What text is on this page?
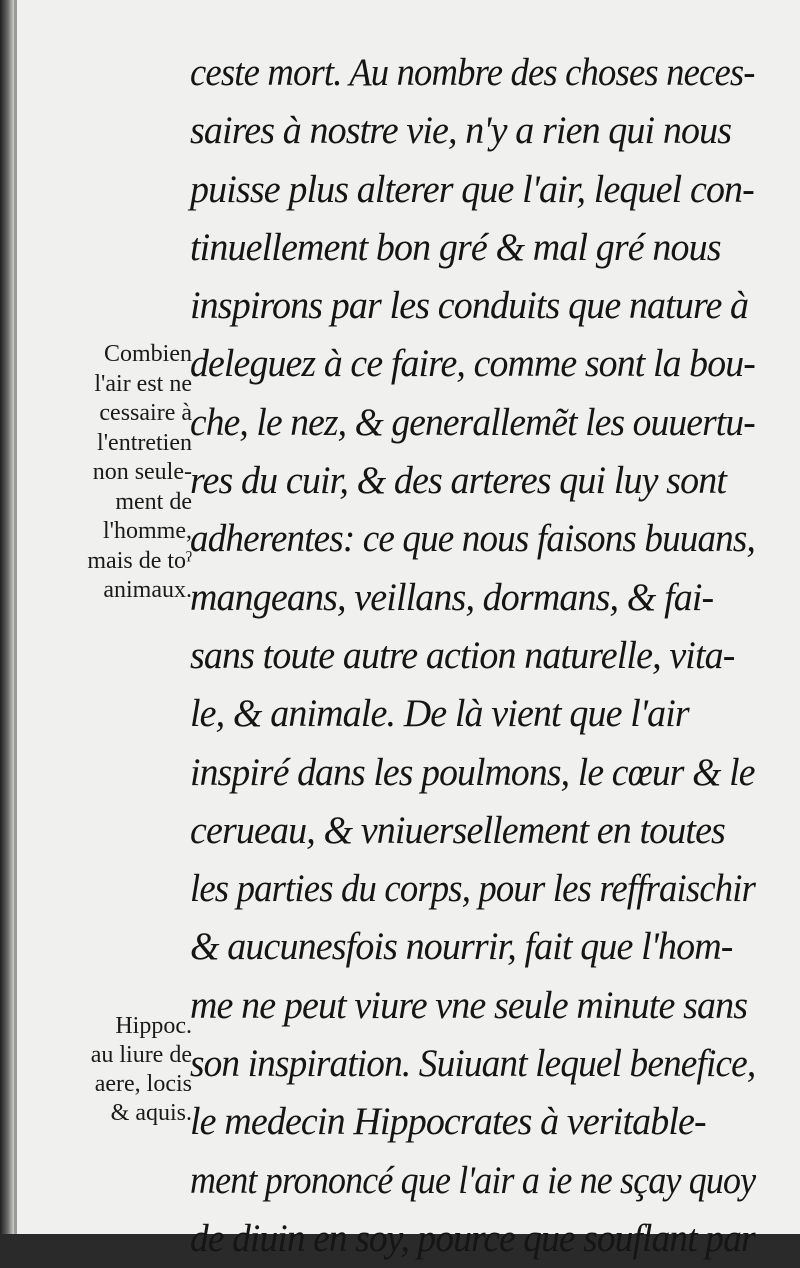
Combien
l'air est ne
cessaire à
l'entretien
non seule-
ment de
l'homme,
mais de toˀ
animaux.
Hippoc.
au liure de
aere, locis
& aquis.
ceste mort. Au nombre des choses neces-
saires à nostre vie, n'y a rien qui nous
puisse plus alterer que l'air, lequel con-
tinuellement bon gré & mal gré nous
inspirons par les conduits que nature à
deleguez à ce faire, comme sont la bou-
che, le nez, & generallemẽt les ouuertu-
res du cuir, & des arteres qui luy sont
adherentes: ce que nous faisons buuans,
mangeans, veillans, dormans, & fai-
sans toute autre action naturelle, vita-
le, & animale. De là vient que l'air
inspiré dans les poulmons, le cœur & le
cerueau, & vniuersellement en toutes
les parties du corps, pour les reffraischir
& aucunesfois nourrir, fait que l'hom-
me ne peut viure vne seule minute sans
son inspiration. Suiuant lequel benefice,
le medecin Hippocrates à veritable-
ment prononcé que l'air a ie ne sçay quoy
de diuin en soy, pource que souflant par
